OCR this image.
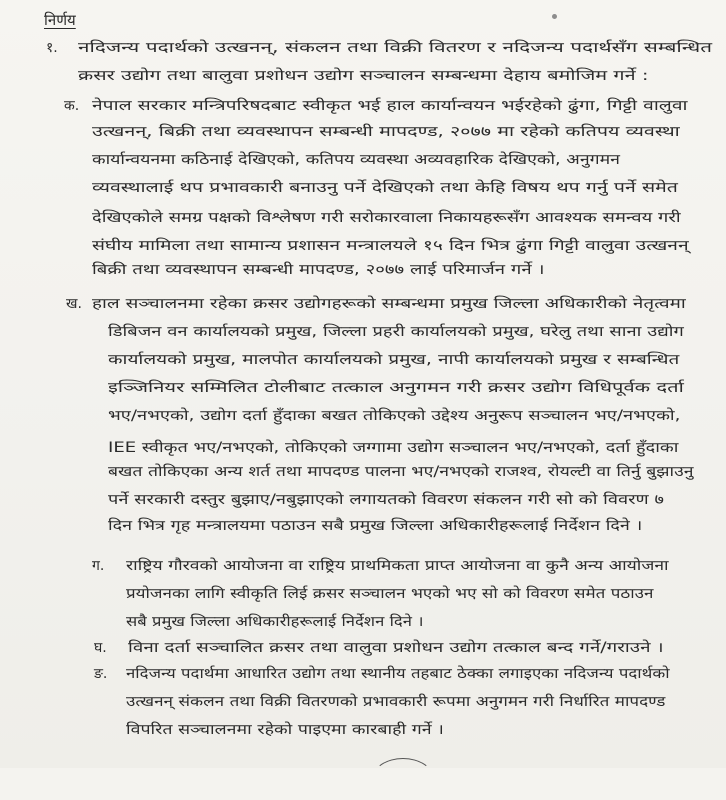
निर्णय
१. नदिजन्य पदार्थको उत्खनन्, संकलन तथा विक्री वितरण र नदिजन्य पदार्थसँग सम्बन्धित
क्रसर उद्योग तथा बालुवा प्रशोधन उद्योग सञ्चालन सम्बन्धमा देहाय बमोजिम गर्ने :
क. नेपाल सरकार मन्त्रिपरिषदबाट स्वीकृत भई हाल कार्यान्वयन भईरहेको ढुंगा, गिट्टी वालुवा
उत्खनन्, बिक्री तथा व्यवस्थापन सम्बन्धी मापदण्ड, २०७७ मा रहेको कतिपय व्यवस्था
कार्यान्वयनमा कठिनाई देखिएको, कतिपय व्यवस्था अव्यवहारिक देखिएको, अनुगमन
व्यवस्थालाई थप प्रभावकारी बनाउनु पर्ने देखिएको तथा केहि विषय थप गर्नु पर्ने समेत
देखिएकोले समग्र पक्षको विश्लेषण गरी सरोकारवाला निकायहरूसँग आवश्यक समन्वय गरी
संघीय मामिला तथा सामान्य प्रशासन मन्त्रालयले १५ दिन भित्र ढुंगा गिट्टी वालुवा उत्खनन्
बिक्री तथा व्यवस्थापन सम्बन्धी मापदण्ड, २०७७ लाई परिमार्जन गर्ने ।
ख. हाल सञ्चालनमा रहेका क्रसर उद्योगहरूको सम्बन्धमा प्रमुख जिल्ला अधिकारीको नेतृत्वमा
डिबिजन वन कार्यालयको प्रमुख, जिल्ला प्रहरी कार्यालयको प्रमुख, घरेलु तथा साना उद्योग
कार्यालयको प्रमुख, मालपोत कार्यालयको प्रमुख, नापी कार्यालयको प्रमुख र सम्बन्धित
इञ्जिनियर सम्मिलित टोलीबाट तत्काल अनुगमन गरी क्रसर उद्योग विधिपूर्वक दर्ता
भए/नभएको, उद्योग दर्ता हुँदाका बखत तोकिएको उद्देश्य अनुरूप सञ्चालन भए/नभएको,
IEE स्वीकृत भए/नभएको, तोकिएको जग्गामा उद्योग सञ्चालन भए/नभएको, दर्ता हुँदाका
बखत तोकिएका अन्य शर्त तथा मापदण्ड पालना भए/नभएको राजश्व, रोयल्टी वा तिर्नु बुझाउनु
पर्ने सरकारी दस्तुर बुझाए/नबुझाएको लगायतको विवरण संकलन गरी सो को विवरण ७
दिन भित्र गृह मन्त्रालयमा पठाउन सबै प्रमुख जिल्ला अधिकारीहरूलाई निर्देशन दिने ।
ग. राष्ट्रिय गौरवको आयोजना वा राष्ट्रिय प्राथमिकता प्राप्त आयोजना वा कुनै अन्य आयोजना
प्रयोजनका लागि स्वीकृति लिई क्रसर सञ्चालन भएको भए सो को विवरण समेत पठाउन
सबै प्रमुख जिल्ला अधिकारीहरूलाई निर्देशन दिने ।
घ. विना दर्ता सञ्चालित क्रसर तथा वालुवा प्रशोधन उद्योग तत्काल बन्द गर्ने/गराउने ।
ङ. नदिजन्य पदार्थमा आधारित उद्योग तथा स्थानीय तहबाट ठेक्का लगाइएका नदिजन्य पदार्थको
उत्खनन् संकलन तथा विक्री वितरणको प्रभावकारी रूपमा अनुगमन गरी निर्धारित मापदण्ड
विपरित सञ्चालनमा रहेको पाइएमा कारबाही गर्ने ।
